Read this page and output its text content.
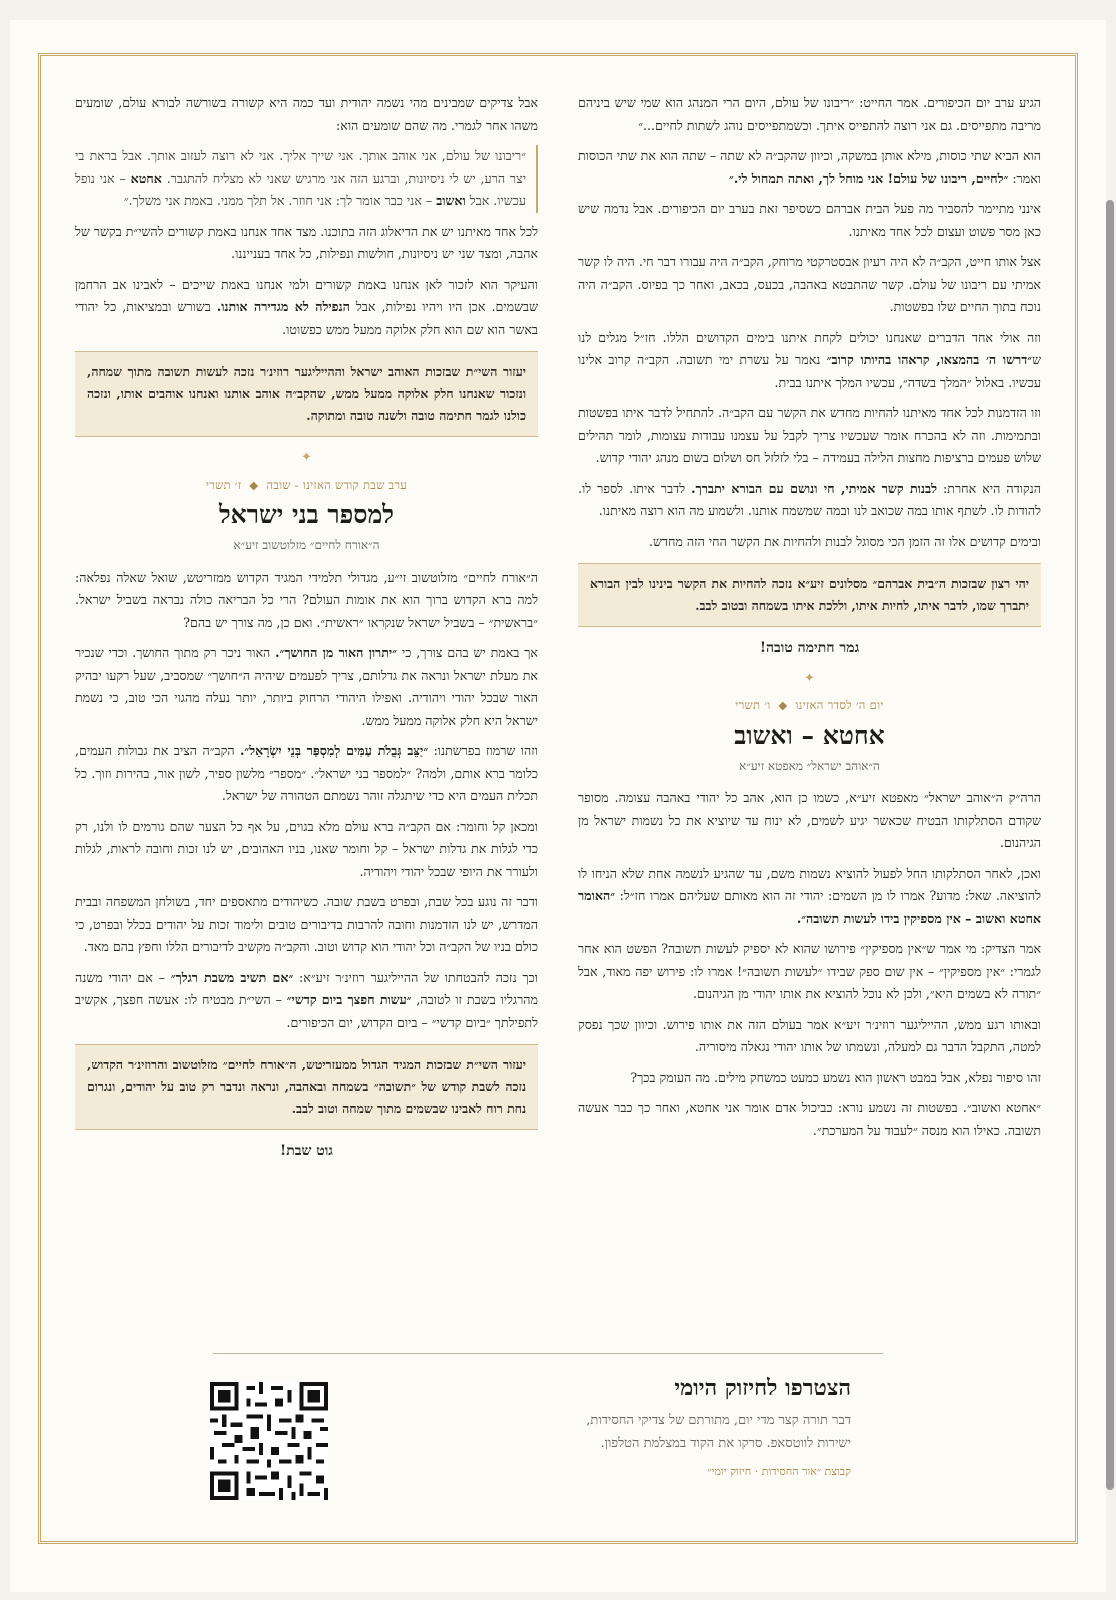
הגיע ערב יום הכיפורים. אמר החייט: ״ריבונו של עולם, היום הרי המנהג הוא שמי שיש ביניהם מריבה מתפייסים. גם אני רוצה להתפייס איתך. וכשמתפייסים נוהג לשתות לחיים...״

הוא הביא שתי כוסות, מילא אותן במשקה, וכיוון שהקב״ה לא שתה – שתה הוא את שתי הכוסות ואמר: ״לחיים, ריבונו של עולם! אני מוחל לך, ואתה תמחול לי.״

אינני מתיימר להסביר מה פעל הבית אברהם כשסיפר זאת בערב יום הכיפורים. אבל נדמה שיש כאן מסר פשוט ועצום לכל אחד מאיתנו.

אצל אותו חייט, הקב״ה לא היה רעיון אבסטרקטי מרוחק, הקב״ה היה עבורו דבר חי. היה לו קשר אמיתי עם ריבונו של עולם. קשר שהתבטא באהבה, בכעס, בכאב, ואחר כך בפיוס. הקב״ה היה נוכח בתוך החיים שלו בפשטות.

וזה אולי אחד הדברים שאנחנו יכולים לקחת איתנו בימים הקדושים הללו. חז״ל מגלים לנו ש״דרשו ה׳ בהמצאו, קראהו בהיותו קרוב״ נאמר על עשרת ימי תשובה. הקב״ה קרוב אלינו עכשיו. באלול ״המלך בשדה״, עכשיו המלך איתנו בבית.

וזו הזדמנות לכל אחד מאיתנו להחיות מחדש את הקשר עם הקב״ה. להתחיל לדבר איתו בפשטות ובתמימות. וזה לא בהכרח אומר שעכשיו צריך לקבל על עצמנו עבודות עצומות, לומר תהילים שלוש פעמים ברציפות מחצות הלילה בעמידה – בלי לזלזל חס ושלום בשום מנהג יהודי קדוש.

הנקודה היא אחרת: לבנות קשר אמיתי, חי ונושם עם הבורא יתברך. לדבר איתו. לספר לו. להודות לו. לשתף אותו במה שכואב לנו ובמה שמשמח אותנו. ולשמוע מה הוא רוצה מאיתנו.

ובימים קדושים אלו זה הזמן הכי מסוגל לבנות ולהחיות את הקשר החי הזה מחדש.

יהי רצון שבזכות ה״בית אברהם״ מסלונים זיע״א נזכה להחיות את הקשר בינינו לבין הבורא יתברך שמו, לדבר איתו, לחיות איתו, וללכת איתו בשמחה ובטוב לבב.
גמר חתימה טובה!
✦
יום ה׳ לסדר האזינו  ◆  ו׳ תשרי
אחטא – ואשוב
ה״אוהב ישראל״ מאפטא זיע״א

הרה״ק ה״אוהב ישראל״ מאפטא זיע״א, כשמו כן הוא, אהב כל יהודי באהבה עצומה. מסופר שקודם הסתלקותו הבטיח שכאשר יגיע לשמים, לא ינוח עד שיוציא את כל נשמות ישראל מן הגיהנום.

ואכן, לאחר הסתלקותו החל לפעול להוציא נשמות משם, עד שהגיע לנשמה אחת שלא הניחו לו להוציאה. שאל: מדוע? אמרו לו מן השמים: יהודי זה הוא מאותם שעליהם אמרו חז״ל: ״האומר אחטא ואשוב – אין מספיקין בידו לעשות תשובה״.

אמר הצדיק: מי אמר ש״אין מספיקין״ פירושו שהוא לא יספיק לעשות תשובה? הפשט הוא אחר לגמרי: ״אין מספיקין״ – אין שום ספק שבידו ״לעשות תשובה״! אמרו לו: פירוש יפה מאוד, אבל ״תורה לא בשמים היא״, ולכן לא נוכל להוציא את אותו יהודי מן הגיהנום.

ובאותו רגע ממש, ההייליגער רוזינ׳ר זיע״א אמר בעולם הזה את אותו פירוש. וכיוון שכך נפסק למטה, התקבל הדבר גם למעלה, ונשמתו של אותו יהודי נגאלה מיסוריה.

זהו סיפור נפלא, אבל במבט ראשון הוא נשמע כמעט כמשחק מילים. מה העומק בכך?

״אחטא ואשוב״. בפשטות זה נשמע נורא: כביכול אדם אומר אני אחטא, ואחר כך כבר אעשה תשובה. כאילו הוא מנסה ״לעבוד על המערכת״.

אבל צדיקים שמבינים מהי נשמה יהודית ועד כמה היא קשורה בשורשה לבורא עולם, שומעים משהו אחר לגמרי. מה שהם שומעים הוא:

״ריבונו של עולם, אני אוהב אותך. אני שייך אליך. אני לא רוצה לעזוב אותך. אבל בראת בי יצר הרע, יש לי ניסיונות, וברגע הזה אני מרגיש שאני לא מצליח להתגבר. אחטא – אני נופל עכשיו. אבל ואשוב – אני כבר אומר לך: אני חוזר. אל תלך ממני. באמת אני משלך.״

לכל אחד מאיתנו יש את הדיאלוג הזה בתוכנו. מצד אחד אנחנו באמת קשורים להשי״ת בקשר של אהבה, ומצד שני יש ניסיונות, חולשות ונפילות, כל אחד בענייננו.

והעיקר הוא לזכור לאן אנחנו באמת קשורים ולמי אנחנו באמת שייכים – לאבינו אב הרחמן שבשמים. אכן היו ויהיו נפילות, אבל הנפילה לא מגדירה אותנו. בשורש ובמציאות, כל יהודי באשר הוא שם הוא חלק אלוקה ממעל ממש כפשוטו.

יעזור השי״ת שבזכות האוהב ישראל וההייליגער רוזינ׳ר נזכה לעשות תשובה מתוך שמחה, ונזכור שאנחנו חלק אלוקה ממעל ממש, שהקב״ה אוהב אותנו ואנחנו אוהבים אותו, ונזכה כולנו לגמר חתימה טובה ולשנה טובה ומתוקה.
✦
ערב שבת קודש האזינו - שובה  ◆  ז׳ תשרי
למספר בני ישראל
ה״אורח לחיים״ מזלוטשוב זיע״א

ה״אורח לחיים״ מזלוטשוב זי״ע, מגדולי תלמידי המגיד הקדוש ממזריטש, שואל שאלה נפלאה: למה ברא הקדוש ברוך הוא את אומות העולם? הרי כל הבריאה כולה נבראה בשביל ישראל. ״בראשית״ – בשביל ישראל שנקראו ״ראשית״. ואם כן, מה צורך יש בהם?

אך באמת יש בהם צורך, כי ״יתרון האור מן החושך״. האור ניכר רק מתוך החושך. וכדי שנכיר את מעלת ישראל ונראה את גדלותם, צריך לפעמים שיהיה ה״חושך״ שמסביב, שעל רקעו יבהיק האור שבכל יהודי ויהודיה. ואפילו היהודי הרחוק ביותר, יותר נעלה מהגוי הכי טוב, כי נשמת ישראל היא חלק אלוקה ממעל ממש.

וזהו שרמוז בפרשתנו: ״יַצֵּב גְּבֻלֹת עַמִּים לְמִסְפַּר בְּנֵי יִשְׂרָאֵל״. הקב״ה הציב את גבולות העמים, כלומר ברא אותם, ולמה? ״למספר בני ישראל״. ״מספר״ מלשון ספיר, לשון אור, בהירות וזוך. כל תכלית העמים היא כדי שיתגלה זוהר נשמתם הטהורה של ישראל.

ומכאן קל וחומר: אם הקב״ה ברא עולם מלא בגוים, על אף כל הצער שהם גורמים לו ולנו, רק כדי לגלות את גדלות ישראל – קל וחומר שאנו, בניו האהובים, יש לנו זכות וחובה לראות, לגלות ולעורר את היופי שבכל יהודי ויהודיה.

ודבר זה נוגע בכל שבת, ובפרט בשבת שובה. כשיהודים מתאספים יחד, בשולחן המשפחה ובבית המדרש, יש לנו הזדמנות וחובה להרבות בדיבורים טובים ולימוד זכות על יהודים בכלל ובפרט, כי כולם בניו של הקב״ה וכל יהודי הוא קדוש וטוב. והקב״ה מקשיב לדיבורים הללו וחפץ בהם מאד.

וכך נזכה להבטחתו של ההייליגער רוזינ׳ר זיע״א: ״אם תשיב משבת רגלך״ – אם יהודי משנה מהרגליו בשבת זו לטובה, ״עשות חפצך ביום קדשי״ – השי״ת מבטיח לו: אעשה חפצך, אקשיב לתפילתך ״ביום קדשי״ – ביום הקדוש, יום הכיפורים.

יעזור השי״ת שבזכות המגיד הגדול ממעזריטש, ה״אורח לחיים״ מזלוטשוב והרוזינ׳ר הקדוש, נזכה לשבת קודש של ״תשובה״ בשמחה ובאהבה, ונראה ונדבר רק טוב על יהודים, ונגרום נחת רוח לאבינו שבשמים מתוך שמחה וטוב לבב.
גוט שבת!
הצטרפו לחיזוק היומי
דבר תורה קצר מדי יום, מתורתם של צדיקי החסידות,
ישירות לווטסאפ. סרקו את הקוד במצלמת הטלפון.
קבוצת ״אור החסידות · חיזוק יומי״
